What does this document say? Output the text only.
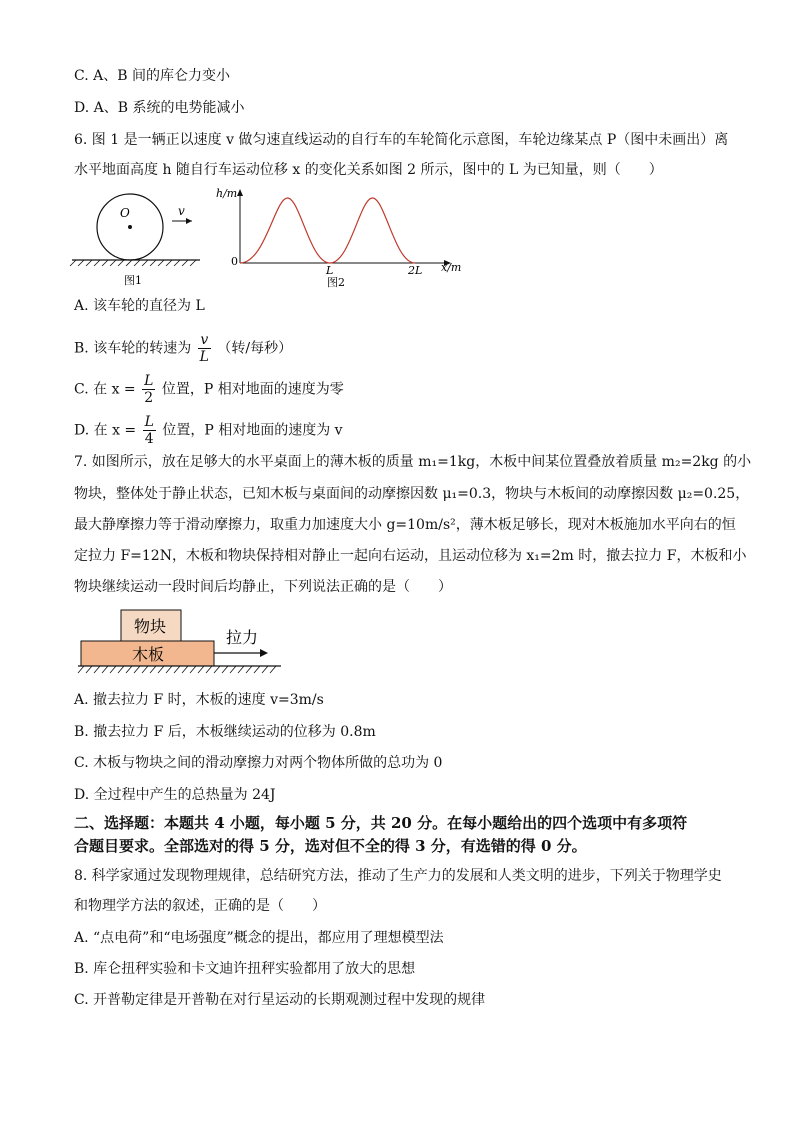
C. A、B 间的库仑力变小
D. A、B 系统的电势能减小
6. 图 1 是一辆正以速度 v 做匀速直线运动的自行车的车轮简化示意图，车轮边缘某点 P（图中未画出）离
水平地面高度 h 随自行车运动位移 x 的变化关系如图 2 所示，图中的 L 为已知量，则（　　）
O	v
图1
h/m
x/m
0
L	2L
图2
A. 该车轮的直径为 L
B. 该车轮的转速为 $\frac{v}{L}$ （转/每秒）
C. 在 $x = \frac{L}{2}$ 位置，P 相对地面的速度为零
D. 在 $x = \frac{L}{4}$ 位置，P 相对地面的速度为 v
7. 如图所示，放在足够大的水平桌面上的薄木板的质量 m₁=1kg，木板中间某位置叠放着质量 m₂=2kg 的小
物块，整体处于静止状态，已知木板与桌面间的动摩擦因数 μ₁=0.3，物块与木板间的动摩擦因数 μ₂=0.25，
最大静摩擦力等于滑动摩擦力，取重力加速度大小 g=10m/s²，薄木板足够长，现对木板施加水平向右的恒
定拉力 F=12N，木板和物块保持相对静止一起向右运动，且运动位移为 x₁=2m 时，撤去拉力 F，木板和小
物块继续运动一段时间后均静止，下列说法正确的是（　　）
物块
木板
拉力
A. 撤去拉力 F 时，木板的速度 v=3m/s
B. 撤去拉力 F 后，木板继续运动的位移为 0.8m
C. 木板与物块之间的滑动摩擦力对两个物体所做的总功为 0
D. 全过程中产生的总热量为 24J
二、选择题：本题共 4 小题，每小题 5 分，共 20 分。在每小题给出的四个选项中有多项符
合题目要求。全部选对的得 5 分，选对但不全的得 3 分，有选错的得 0 分。
8. 科学家通过发现物理规律，总结研究方法，推动了生产力的发展和人类文明的进步，下列关于物理学史
和物理学方法的叙述，正确的是（　　）
A. “点电荷”和“电场强度”概念的提出，都应用了理想模型法
B. 库仑扭秤实验和卡文迪许扭秤实验都用了放大的思想
C. 开普勒定律是开普勒在对行星运动的长期观测过程中发现的规律
